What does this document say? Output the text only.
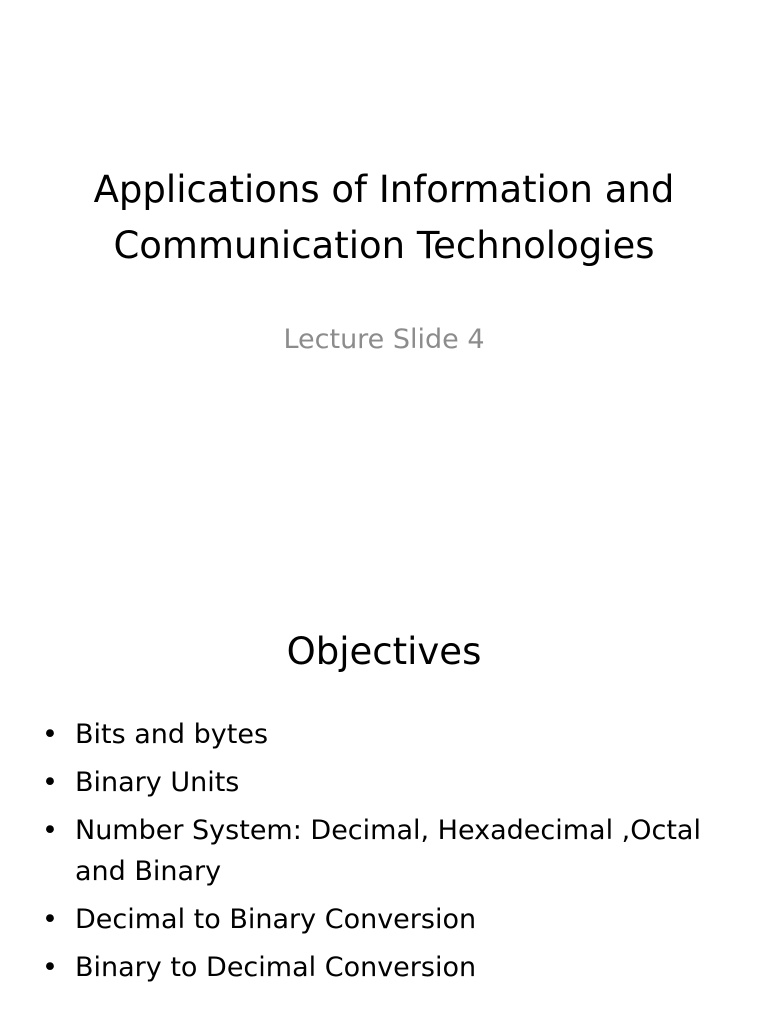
Applications of Information and
Communication Technologies

Lecture Slide 4

Objectives
• Bits and bytes
• Binary Units
• Number System: Decimal, Hexadecimal ,Octal and Binary
• Decimal to Binary Conversion
• Binary to Decimal Conversion
